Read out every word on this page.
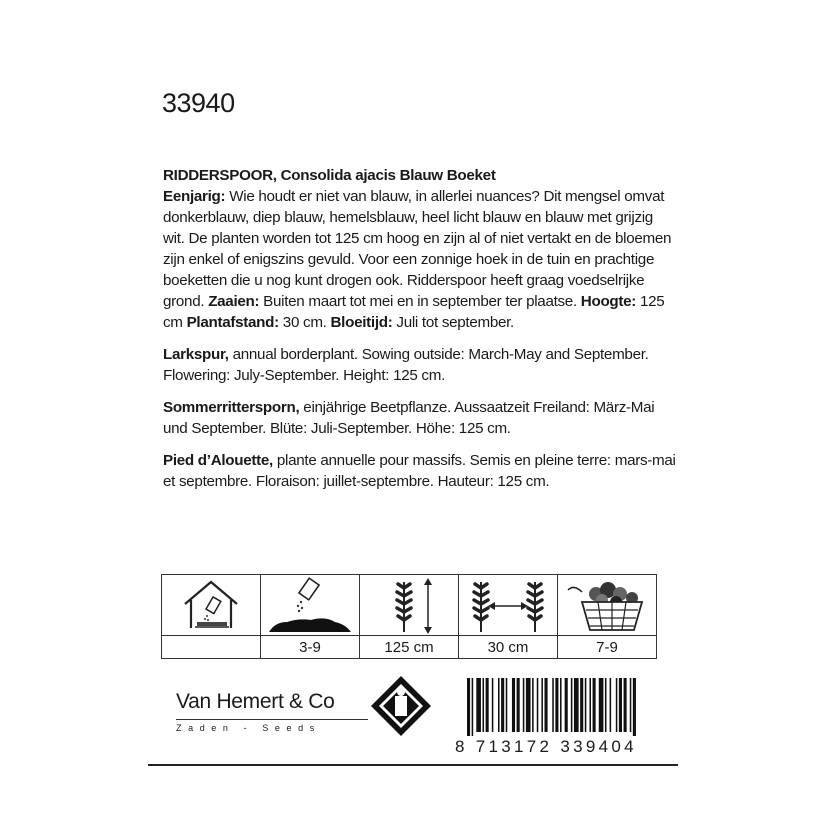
33940

RIDDERSPOOR, Consolida ajacis Blauw Boeket
Eenjarig: Wie houdt er niet van blauw, in allerlei nuances? Dit mengsel omvat donkerblauw, diep blauw, hemelsblauw, heel licht blauw en blauw met grijzig wit. De planten worden tot 125 cm hoog en zijn al of niet vertakt en de bloemen zijn enkel of enigszins gevuld. Voor een zonnige hoek in de tuin en prachtige boeketten die u nog kunt drogen ook. Ridderspoor heeft graag voedselrijke grond. Zaaien: Buiten maart tot mei en in september ter plaatse. Hoogte: 125 cm Plantafstand: 30 cm. Bloeitijd: Juli tot september.

Larkspur, annual borderplant. Sowing outside: March-May and September. Flowering: July-September. Height: 125 cm.

Sommerrittersporn, einjährige Beetpflanze. Aussaatzeit Freiland: März-Mai und September. Blüte: Juli-September. Höhe: 125 cm.

Pied d’Alouette, plante annuelle pour massifs. Semis en pleine terre: mars-mai et septembre. Floraison: juillet-septembre. Hauteur: 125 cm.

	3-9	125 cm	30 cm	7-9
Van Hemert & Co
Zaden - Seeds
8 713172 339404
